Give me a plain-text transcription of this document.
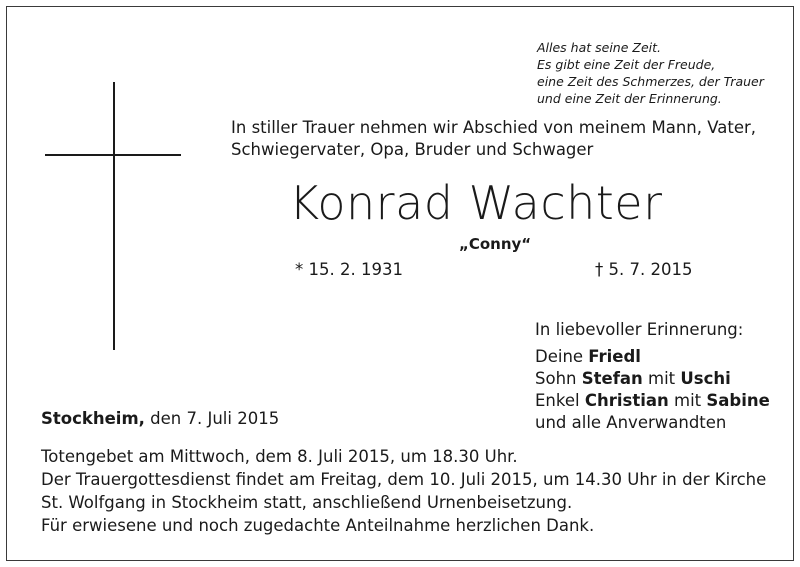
Alles hat seine Zeit.
Es gibt eine Zeit der Freude,
eine Zeit des Schmerzes, der Trauer
und eine Zeit der Erinnerung.
In stiller Trauer nehmen wir Abschied von meinem Mann, Vater,
Schwiegervater, Opa, Bruder und Schwager
Konrad Wachter
„Conny“
* 15. 2. 1931	† 5. 7. 2015
In liebevoller Erinnerung:
Deine Friedl
Sohn Stefan mit Uschi
Enkel Christian mit Sabine
und alle Anverwandten
Stockheim, den 7. Juli 2015
Totengebet am Mittwoch, dem 8. Juli 2015, um 18.30 Uhr.
Der Trauergottesdienst findet am Freitag, dem 10. Juli 2015, um 14.30 Uhr in der Kirche
St. Wolfgang in Stockheim statt, anschließend Urnenbeisetzung.
Für erwiesene und noch zugedachte Anteilnahme herzlichen Dank.
